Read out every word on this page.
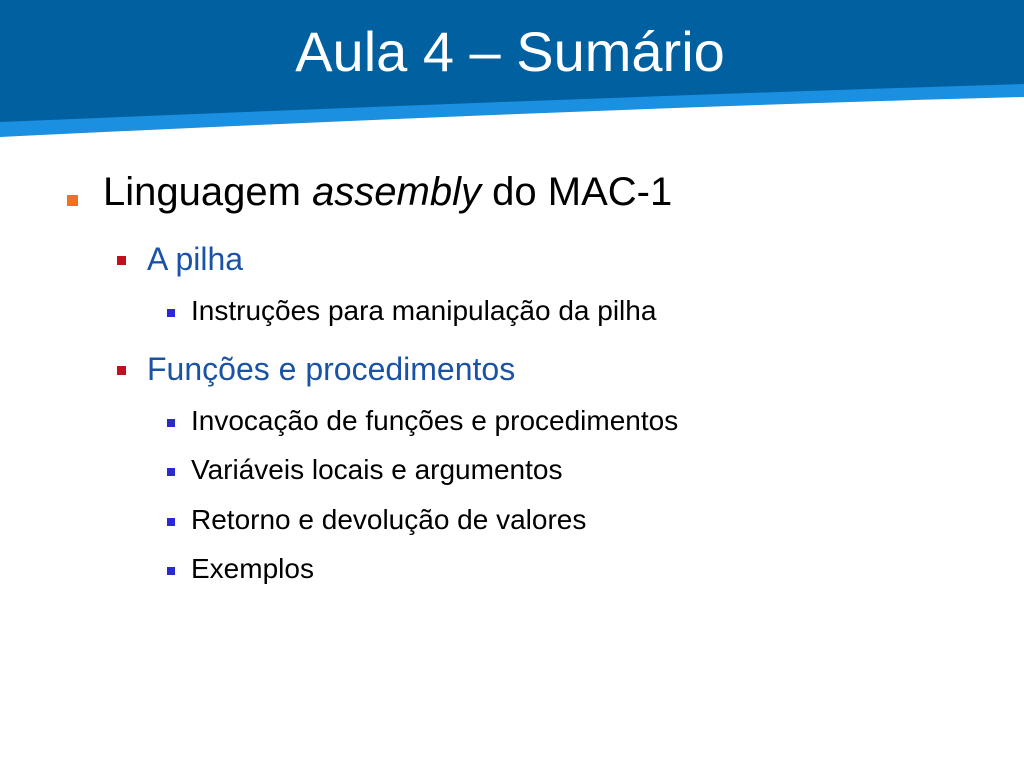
Aula 4 – Sumário
Linguagem assembly do MAC-1
A pilha
Instruções para manipulação da pilha
Funções e procedimentos
Invocação de funções e procedimentos
Variáveis locais e argumentos
Retorno e devolução de valores
Exemplos
